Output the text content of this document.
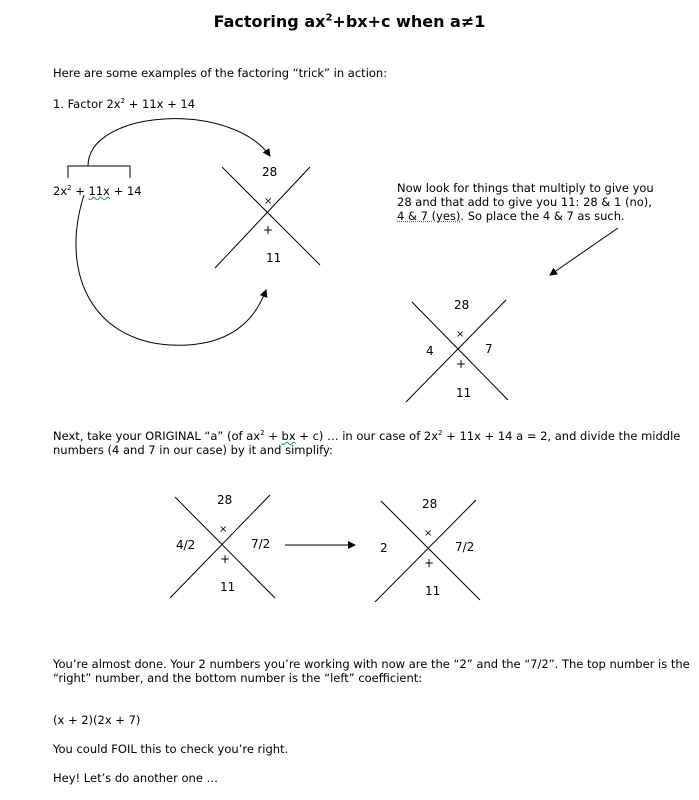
Factoring $ax^2+bx+c$ when a≠1

Here are some examples of the factoring “trick” in action:

1. Factor $2x^2 + 11x + 14$

$2x^2 + 11x + 14$	Now look for things that multiply to give you
28 and that add to give you 11: 28 & 1 (no),
4 & 7 (yes). So place the 4 & 7 as such.
Next, take your ORIGINAL “a” (of $ax^2$ + bx + c) … in our case of $2x^2 + 11x + 14$ a = 2, and divide the middle
numbers (4 and 7 in our case) by it and simplify:
You’re almost done. Your 2 numbers you’re working with now are the “2” and the “7/2”. The top number is the
“right” number, and the bottom number is the “left” coefficient:

(x + 2)(2x + 7)

You could FOIL this to check you’re right.

Hey! Let’s do another one …

28
×
+
11
28
×
4	7
+
11
28
×
4/2	7/2
+
11
28
×
2	7/2
+
11
